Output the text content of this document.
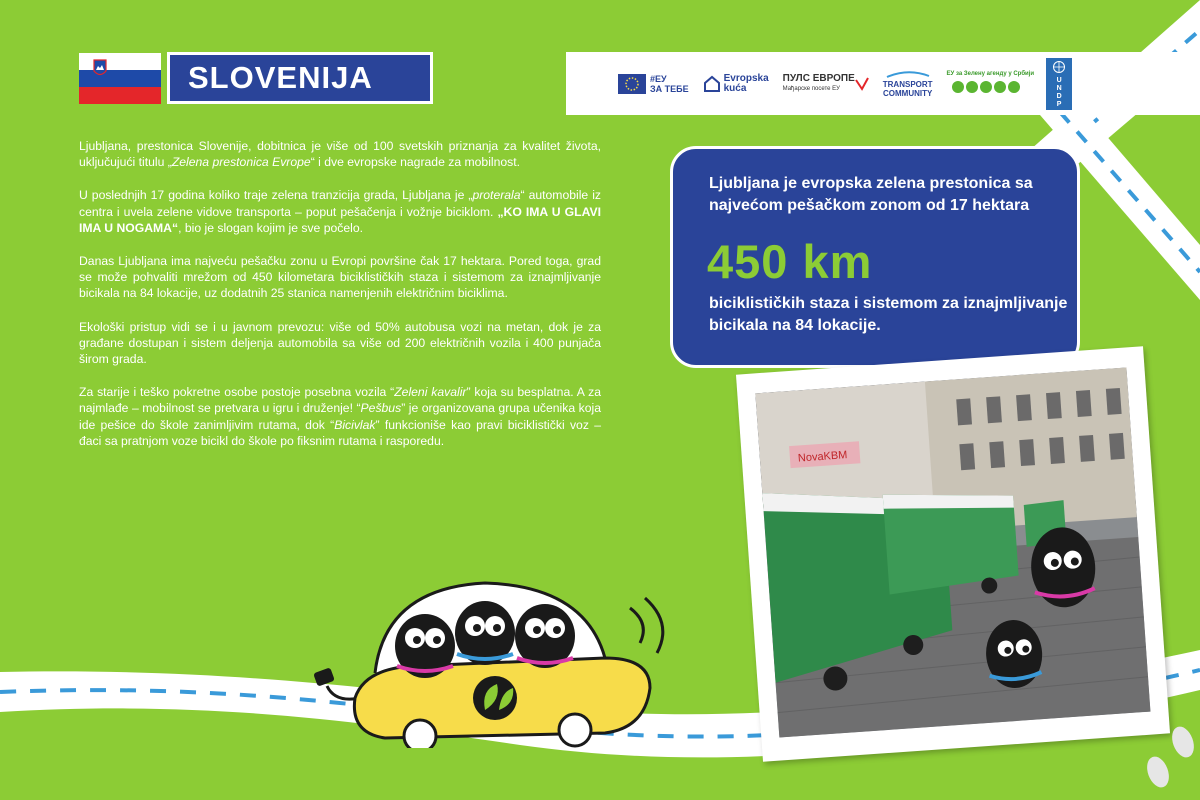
SLOVENIJA	#ЕУ
ЗА ТЕБЕ
Evropska
kuća
ПУЛС ЕВРОПЕ
Мађарске посете ЕУ	TRANSPORT
COMMUNITY
ЕУ за Зелену агенду у Србији
U N D P

Ljubljana, prestonica Slovenije, dobitnica je više od 100 svetskih priznanja za kvalitet života, uključujući titulu „Zelena prestonica Evrope“ i dve evropske nagrade za mobilnost.

U poslednjih 17 godina koliko traje zelena tranzicija grada, Ljubljana je „proterala“ automobile iz centra i uvela zelene vidove transporta – poput pešačenja i vožnje biciklom. „KO IMA U GLAVI IMA U NOGAMA“, bio je slogan kojim je sve počelo.

Danas Ljubljana ima najveću pešačku zonu u Evropi površine čak 17 hektara. Pored toga, grad se može pohvaliti mrežom od 450 kilometara biciklističkih staza i sistemom za iznajmljivanje bicikala na 84 lokacije, uz dodatnih 25 stanica namenjenih električnim biciklima.

Ekološki pristup vidi se i u javnom prevozu: više od 50% autobusa vozi na metan, dok je za građane dostupan i sistem deljenja automobila sa više od 200 električnih vozila i 400 punjača širom grada.

Za starije i teško pokretne osobe postoje posebna vozila “Zeleni kavalir” koja su besplatna. A za najmlađe – mobilnost se pretvara u igru i druženje! “Pešbus” je organizovana grupa učenika koja ide pešice do škole zanimljivim rutama, dok “Bicivlak” funkcioniše kao pravi biciklistički voz – đaci sa pratnjom voze bicikl do škole po fiksnim rutama i rasporedu.

Ljubljana je evropska zelena prestonica sa najvećom pešačkom zonom od 17 hektara
450 km
biciklističkih staza i sistemom za iznajmljivanje bicikala na 84 lokacije.
NovaKBM
